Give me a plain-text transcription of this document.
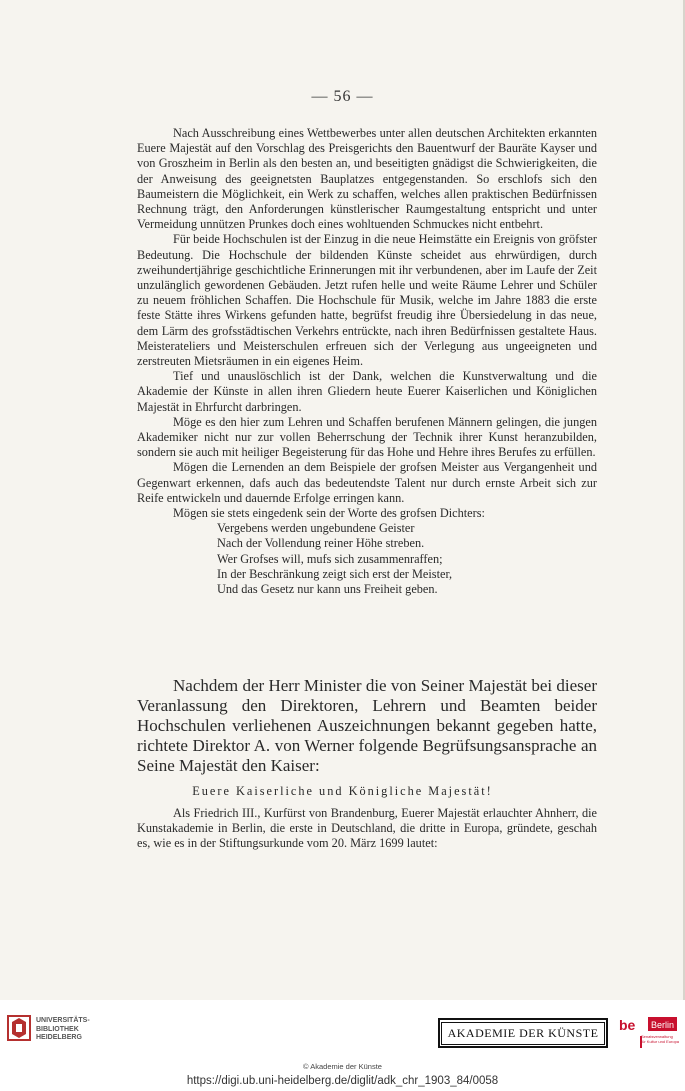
— 56 —

Nach Ausschreibung eines Wettbewerbes unter allen deutschen Architekten erkannten Euere Majestät auf den Vorschlag des Preisgerichts den Bauentwurf der Bauräte Kayser und von Groszheim in Berlin als den besten an, und beseitigten gnädigst die Schwierigkeiten, die der Anweisung des geeignetsten Bauplatzes entgegenstanden. So erschlofs sich den Baumeistern die Möglichkeit, ein Werk zu schaffen, welches allen praktischen Bedürfnissen Rechnung trägt, den Anforderungen künstlerischer Raumgestaltung entspricht und unter Vermeidung unnützen Prunkes doch eines wohltuenden Schmuckes nicht entbehrt.

Für beide Hochschulen ist der Einzug in die neue Heimstätte ein Ereignis von gröfster Bedeutung. Die Hochschule der bildenden Künste scheidet aus ehrwürdigen, durch zweihundertjährige geschichtliche Erinnerungen mit ihr verbundenen, aber im Laufe der Zeit unzulänglich gewordenen Gebäuden. Jetzt rufen helle und weite Räume Lehrer und Schüler zu neuem fröhlichen Schaffen. Die Hochschule für Musik, welche im Jahre 1883 die erste feste Stätte ihres Wirkens gefunden hatte, begrüfst freudig ihre Übersiedelung in das neue, dem Lärm des grofsstädtischen Verkehrs entrückte, nach ihren Bedürfnissen gestaltete Haus. Meisterateliers und Meisterschulen erfreuen sich der Verlegung aus ungeeigneten und zerstreuten Mietsräumen in ein eigenes Heim.

Tief und unauslöschlich ist der Dank, welchen die Kunstverwaltung und die Akademie der Künste in allen ihren Gliedern heute Euerer Kaiserlichen und Königlichen Majestät in Ehrfurcht darbringen.

Möge es den hier zum Lehren und Schaffen berufenen Männern gelingen, die jungen Akademiker nicht nur zur vollen Beherrschung der Technik ihrer Kunst heranzubilden, sondern sie auch mit heiliger Begeisterung für das Hohe und Hehre ihres Berufes zu erfüllen.

Mögen die Lernenden an dem Beispiele der grofsen Meister aus Vergangenheit und Gegenwart erkennen, dafs auch das bedeutendste Talent nur durch ernste Arbeit sich zur Reife entwickeln und dauernde Erfolge erringen kann.

Mögen sie stets eingedenk sein der Worte des grofsen Dichters:

Vergebens werden ungebundene Geister
Nach der Vollendung reiner Höhe streben.
Wer Grofses will, mufs sich zusammenraffen;
In der Beschränkung zeigt sich erst der Meister,
Und das Gesetz nur kann uns Freiheit geben.

Nachdem der Herr Minister die von Seiner Majestät bei dieser Veranlassung den Direktoren, Lehrern und Beamten beider Hochschulen verliehenen Auszeichnungen bekannt gegeben hatte, richtete Direktor A. von Werner folgende Begrüfsungsansprache an Seine Majestät den Kaiser:

Euere Kaiserliche und Königliche Majestät!

Als Friedrich III., Kurfürst von Brandenburg, Euerer Majestät erlauchter Ahnherr, die Kunstakademie in Berlin, die erste in Deutschland, die dritte in Europa, gründete, geschah es, wie es in der Stiftungsurkunde vom 20. März 1699 lautet:

UNIVERSITÄTS-
BIBLIOTHEK
HEIDELBERG	AKADEMIE DER KÜNSTE	be Berlin
Senatsverwaltung
für Kultur und Europa
© Akademie der Künste
https://digi.ub.uni-heidelberg.de/diglit/adk_chr_1903_84/0058
